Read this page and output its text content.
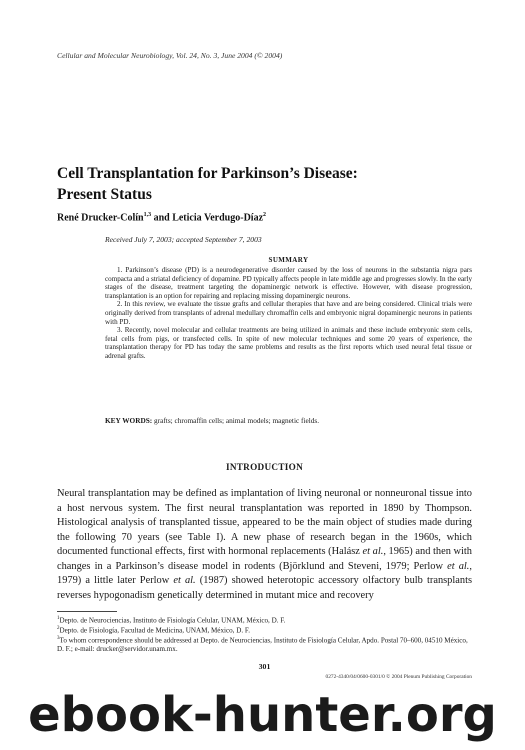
Cellular and Molecular Neurobiology, Vol. 24, No. 3, June 2004 (© 2004)
Cell Transplantation for Parkinson’s Disease:
Present Status
René Drucker-Colín$^{1,3}$ and Leticia Verdugo-Díaz$^2$
Received July 7, 2003; accepted September 7, 2003
SUMMARY

1. Parkinson’s disease (PD) is a neurodegenerative disorder caused by the loss of neurons in the substantia nigra pars compacta and a striatal deficiency of dopamine. PD typically affects people in late middle age and progresses slowly. In the early stages of the disease, treatment targeting the dopaminergic network is effective. However, with disease progression, transplantation is an option for repairing and replacing missing dopaminergic neurons.

2. In this review, we evaluate the tissue grafts and cellular therapies that have and are being considered. Clinical trials were originally derived from transplants of adrenal medullary chromaffin cells and embryonic nigral dopaminergic neurons in patients with PD.

3. Recently, novel molecular and cellular treatments are being utilized in animals and these include embryonic stem cells, fetal cells from pigs, or transfected cells. In spite of new molecular techniques and some 20 years of experience, the transplantation therapy for PD has today the same problems and results as the first reports which used neural fetal tissue or adrenal grafts.

KEY WORDS: grafts; chromaffin cells; animal models; magnetic fields.
INTRODUCTION

Neural transplantation may be defined as implantation of living neuronal or nonneuronal tissue into a host nervous system. The first neural transplantation was reported in 1890 by Thompson. Histological analysis of transplanted tissue, appeared to be the main object of studies made during the following 70 years (see Table I). A new phase of research began in the 1960s, which documented functional effects, first with hormonal replacements (Halász et al., 1965) and then with changes in a Parkinson’s disease model in rodents (Björklund and Steveni, 1979; Perlow et al., 1979) a little later Perlow et al. (1987) showed heterotopic accessory olfactory bulb transplants reverses hypogonadism genetically determined in mutant mice and recovery

$^1$Depto. de Neurociencias, Instituto de Fisiología Celular, UNAM, México, D. F.
$^2$Depto. de Fisiología, Facultad de Medicina, UNAM, México, D. F.
$^3$To whom correspondence should be addressed at Depto. de Neurociencias, Instituto de Fisiología Celular, Apdo. Postal 70–600, 04510 México, D. F.; e-mail: drucker@servidor.unam.mx.
301
0272-4340/04/0600-0301/0 © 2004 Plenum Publishing Corporation
ebook-hunter.org
